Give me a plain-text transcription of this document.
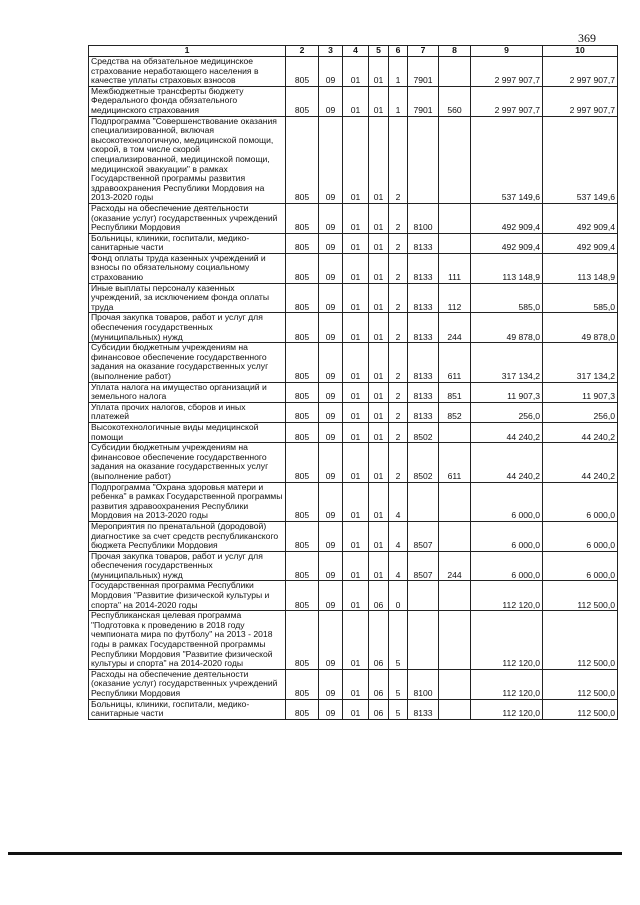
369
1	2	3	4	5	6	7	8	9	10
Средства на обязательное медицинское страхование неработающего населения в качестве уплаты страховых взносов	805	09	01	01	1	7901		2 997 907,7	2 997 907,7
Межбюджетные трансферты бюджету Федерального фонда обязательного медицинского страхования	805	09	01	01	1	7901	560	2 997 907,7	2 997 907,7
Подпрограмма "Совершенствование оказания специализированной, включая высокотехнологичную, медицинской помощи, скорой, в том числе скорой специализированной, медицинской помощи, медицинской эвакуации" в рамках Государственной программы развития здравоохранения Республики Мордовия на 2013-2020 годы	805	09	01	01	2			537 149,6	537 149,6
Расходы на обеспечение деятельности (оказание услуг) государственных учреждений Республики Мордовия	805	09	01	01	2	8100		492 909,4	492 909,4
Больницы, клиники, госпитали, медико-санитарные части	805	09	01	01	2	8133		492 909,4	492 909,4
Фонд оплаты труда казенных учреждений и взносы по обязательному социальному страхованию	805	09	01	01	2	8133	111	113 148,9	113 148,9
Иные выплаты персоналу казенных учреждений, за исключением фонда оплаты труда	805	09	01	01	2	8133	112	585,0	585,0
Прочая закупка товаров, работ и услуг для обеспечения государственных (муниципальных) нужд	805	09	01	01	2	8133	244	49 878,0	49 878,0
Субсидии бюджетным учреждениям на финансовое обеспечение государственного задания на оказание государственных услуг (выполнение работ)	805	09	01	01	2	8133	611	317 134,2	317 134,2
Уплата налога на имущество организаций и земельного налога	805	09	01	01	2	8133	851	11 907,3	11 907,3
Уплата прочих налогов, сборов и иных платежей	805	09	01	01	2	8133	852	256,0	256,0
Высокотехнологичные виды медицинской помощи	805	09	01	01	2	8502		44 240,2	44 240,2
Субсидии бюджетным учреждениям на финансовое обеспечение государственного задания на оказание государственных услуг (выполнение работ)	805	09	01	01	2	8502	611	44 240,2	44 240,2
Подпрограмма "Охрана здоровья матери и ребенка" в рамках Государственной программы развития здравоохранения Республики Мордовия на 2013-2020 годы	805	09	01	01	4			6 000,0	6 000,0
Мероприятия по пренатальной (дородовой) диагностике за счет средств республиканского бюджета Республики Мордовия	805	09	01	01	4	8507		6 000,0	6 000,0
Прочая закупка товаров, работ и услуг для обеспечения государственных (муниципальных) нужд	805	09	01	01	4	8507	244	6 000,0	6 000,0
Государственная программа Республики Мордовия "Развитие физической культуры и спорта" на 2014-2020 годы	805	09	01	06	0			112 120,0	112 500,0
Республиканская целевая программа "Подготовка к проведению в 2018 году чемпионата мира по футболу" на 2013 - 2018 годы в рамках Государственной программы Республики Мордовия "Развитие физической культуры и спорта" на 2014-2020 годы	805	09	01	06	5			112 120,0	112 500,0
Расходы на обеспечение деятельности (оказание услуг) государственных учреждений Республики Мордовия	805	09	01	06	5	8100		112 120,0	112 500,0
Больницы, клиники, госпитали, медико-санитарные части	805	09	01	06	5	8133		112 120,0	112 500,0
